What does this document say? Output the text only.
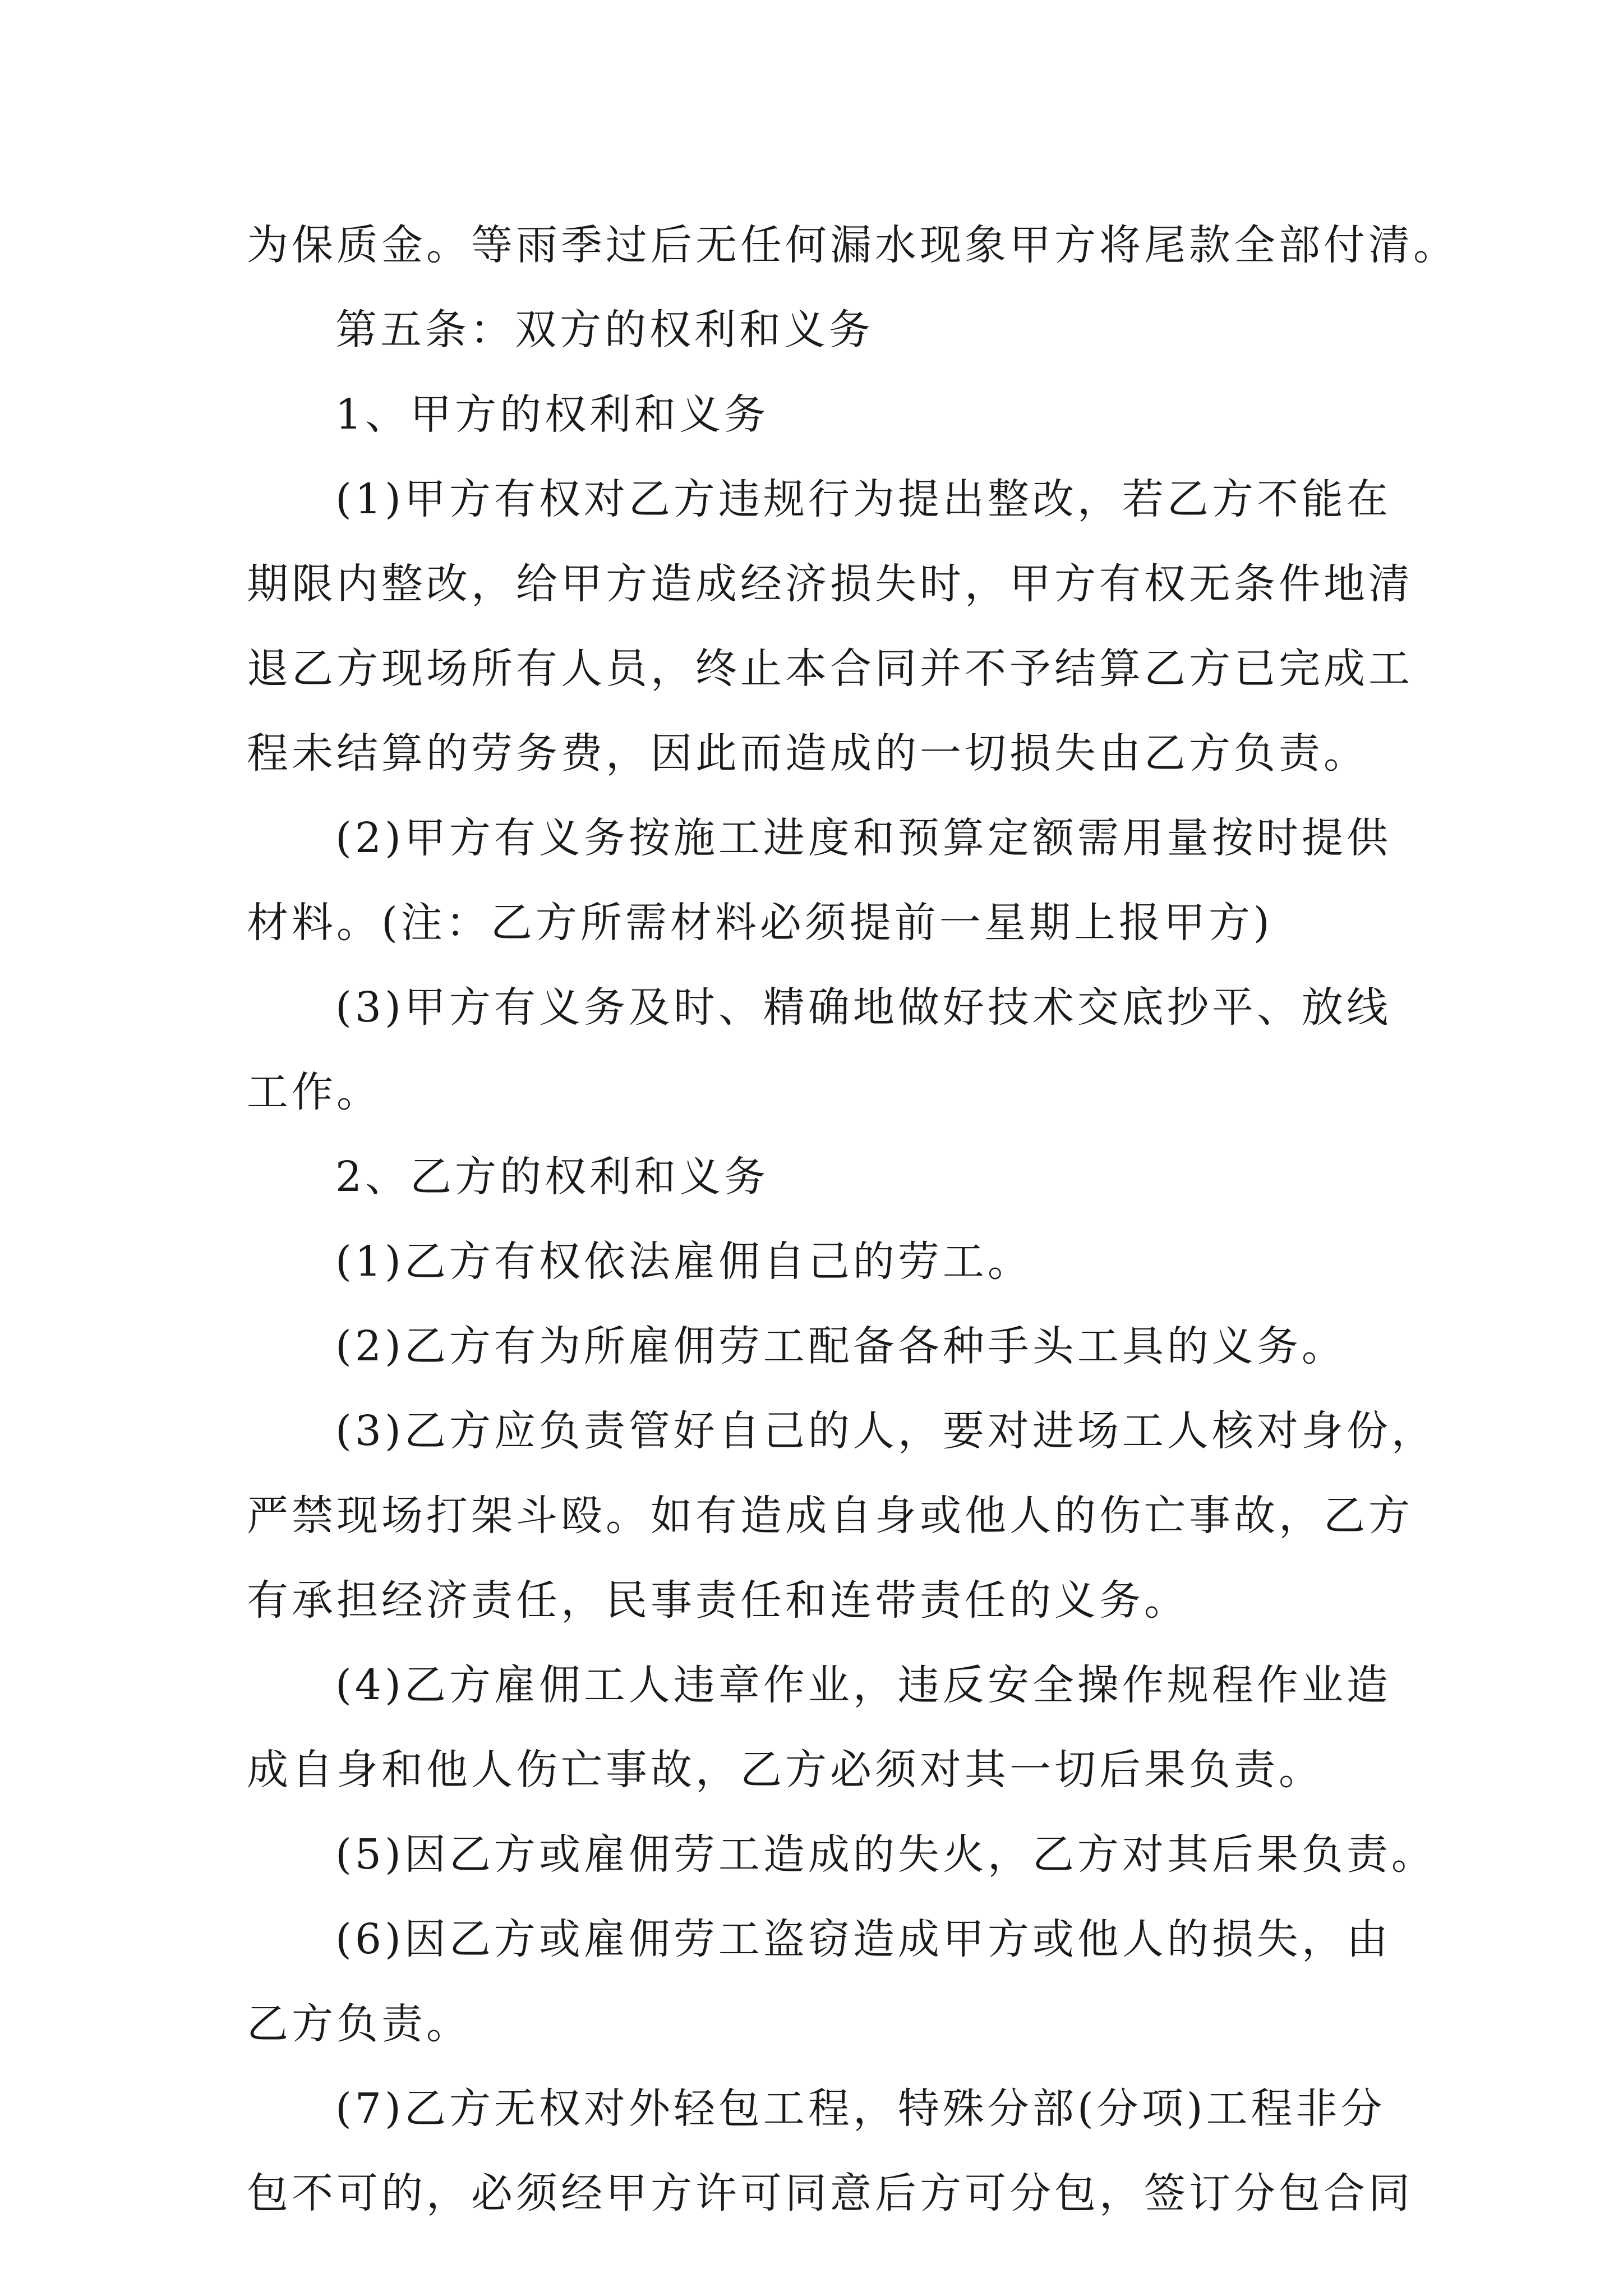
为保质金。等雨季过后无任何漏水现象甲方将尾款全部付清。

第五条：双方的权利和义务

1、甲方的权利和义务

(1)甲方有权对乙方违规行为提出整改，若乙方不能在

期限内整改，给甲方造成经济损失时，甲方有权无条件地清

退乙方现场所有人员，终止本合同并不予结算乙方已完成工

程未结算的劳务费，因此而造成的一切损失由乙方负责。

(2)甲方有义务按施工进度和预算定额需用量按时提供

材料。(注：乙方所需材料必须提前一星期上报甲方)

(3)甲方有义务及时、精确地做好技术交底抄平、放线

工作。

2、乙方的权利和义务

(1)乙方有权依法雇佣自己的劳工。

(2)乙方有为所雇佣劳工配备各种手头工具的义务。

(3)乙方应负责管好自己的人，要对进场工人核对身份，

严禁现场打架斗殴。如有造成自身或他人的伤亡事故，乙方

有承担经济责任，民事责任和连带责任的义务。

(4)乙方雇佣工人违章作业，违反安全操作规程作业造

成自身和他人伤亡事故，乙方必须对其一切后果负责。

(5)因乙方或雇佣劳工造成的失火，乙方对其后果负责。

(6)因乙方或雇佣劳工盗窃造成甲方或他人的损失，由

乙方负责。

(7)乙方无权对外轻包工程，特殊分部(分项)工程非分

包不可的，必须经甲方许可同意后方可分包，签订分包合同
